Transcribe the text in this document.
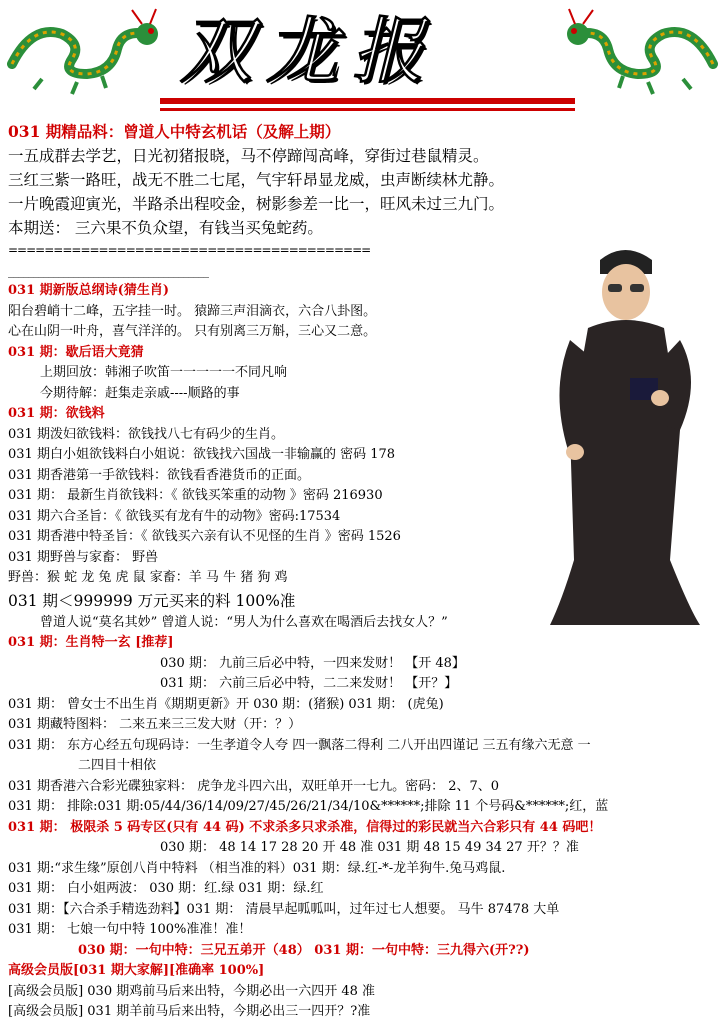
双龙报
031 期精品料：曾道人中特玄机话（及解上期）
一五成群去学艺，日光初猪报晓，马不停蹄闯高峰，穿街过巷鼠精灵。
三红三紫一路旺，战无不胜二七尾，气宇轩昂显龙威，虫声断续林尤静。
一片晚霞迎寅光，半路杀出程咬金，树影参差一比一，旺风未过三九门。
本期送： 三六果不负众望，有钱当买兔蛇药。
========================================
________________________________________
031 期新版总纲诗(猜生肖)
阳台碧峭十二峰，五字挂一时。 猿蹄三声泪滴衣，六合八卦图。
心在山阴一叶舟，喜气洋洋的。 只有别离三万斛，三心又二意。
031 期：歇后语大竟猜
上期回放：韩湘子吹笛一一一一一不同凡响
今期待解：赶集走亲戚----顺路的事
031 期：欲钱料
031 期泼妇欲钱料：欲钱找八七有码少的生肖。
031 期白小姐欲钱料白小姐说：欲钱找六国战一非输赢的 密码 178
031 期香港第一手欲钱料：欲钱看香港货币的正面。
031 期： 最新生肖欲钱料：《 欲钱买笨重的动物 》密码 216930
031 期六合圣旨：《 欲钱买有龙有牛的动物》密码:17534
031 期香港中特圣旨：《 欲钱买六亲有认不见怪的生肖 》密码 1526
031 期野兽与家畜： 野兽
野兽：猴 蛇 龙 兔 虎 鼠 家畜：羊 马 牛 猪 狗 鸡
031 期＜999999 万元买来的料 100%准
曾道人说“莫名其妙” 曾道人说：“男人为什么喜欢在喝酒后去找女人？”
031 期：生肖特一玄 [推荐]
030 期： 九前三后必中特，一四来发财！ 【开 48】
031 期： 六前三后必中特，二二来发财！ 【开？】
031 期： 曾女士不出生肖《期期更新》开 030 期：(猪猴) 031 期： (虎兔)
031 期藏特图料： 二来五来三三发大财（开：？）
031 期： 东方心经五句现码诗：一生孝道令人夸 四一飘落二得利 二八开出四谨记 三五有缘六无意 一
二四目十相依
031 期香港六合彩光碟独家料： 虎争龙斗四六出，双旺单开一七九。密码： 2、7、0
031 期： 排除:031 期:05/44/36/14/09/27/45/26/21/34/10&******;排除 11 个号码&******;红，蓝
031 期： 极限杀 5 码专区(只有 44 码) 不求杀多只求杀准，信得过的彩民就当六合彩只有 44 码吧！
030 期： 48 14 17 28 20 开 48 准 031 期 48 15 49 34 27 开？？准
031 期:“求生缘”原创八肖中特料 （相当准的料）031 期：绿.红-*-龙羊狗牛.兔马鸡鼠.
031 期： 白小姐两波： 030 期：红.绿 031 期：绿.红
031 期：【六合杀手精选劲料】031 期： 清晨早起呱呱叫，过年过七人想要。 马牛 87478 大单
031 期： 七娘一句中特 100%准准！准！
030 期：一句中特：三兄五弟开（48） 031 期：一句中特：三九得六(开??)
高级会员版[031 期大家解][准确率 100%]
[高级会员版] 030 期鸡前马后来出特，今期必出一六四开 48 准
[高级会员版] 031 期羊前马后来出特，今期必出三一四开？?准
